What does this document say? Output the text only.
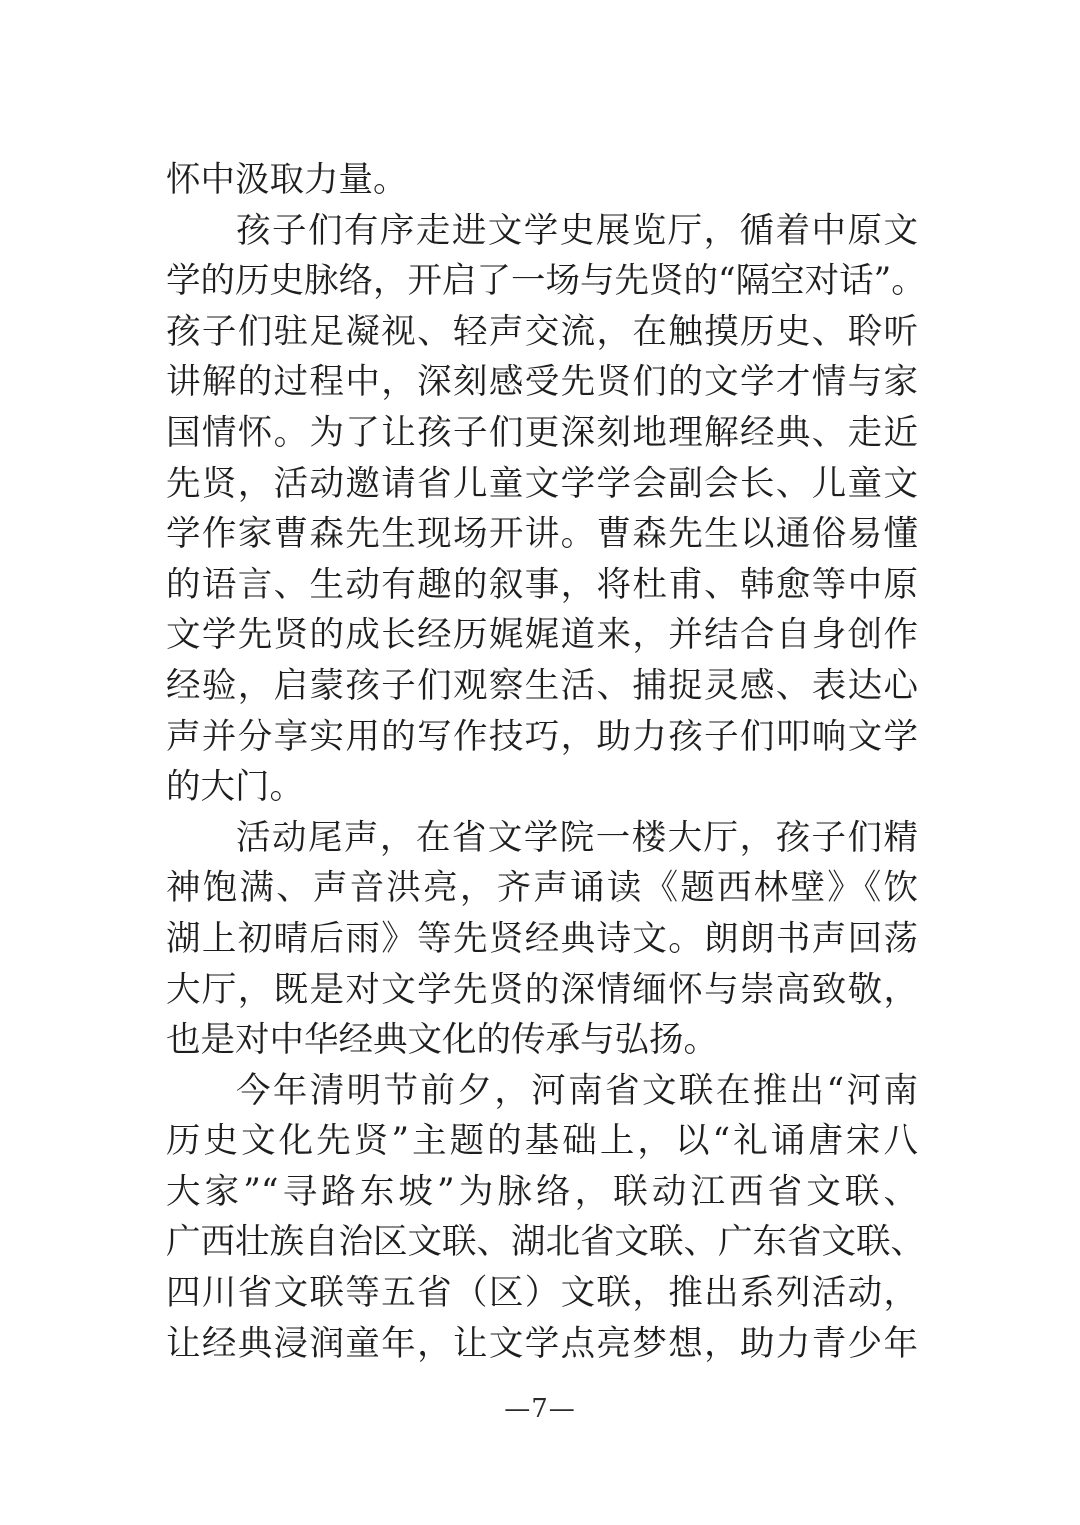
怀中汲取力量。
孩子们有序走进文学史展览厅，循着中原文
学的历史脉络，开启了一场与先贤的“隔空对话”。
孩子们驻足凝视、轻声交流，在触摸历史、聆听
讲解的过程中，深刻感受先贤们的文学才情与家
国情怀。为了让孩子们更深刻地理解经典、走近
先贤，活动邀请省儿童文学学会副会长、儿童文
学作家曹森先生现场开讲。曹森先生以通俗易懂
的语言、生动有趣的叙事，将杜甫、韩愈等中原
文学先贤的成长经历娓娓道来，并结合自身创作
经验，启蒙孩子们观察生活、捕捉灵感、表达心
声并分享实用的写作技巧，助力孩子们叩响文学
的大门。
活动尾声，在省文学院一楼大厅，孩子们精
神饱满、声音洪亮，齐声诵读《题西林壁》《饮
湖上初晴后雨》等先贤经典诗文。朗朗书声回荡
大厅，既是对文学先贤的深情缅怀与崇高致敬，
也是对中华经典文化的传承与弘扬。
今年清明节前夕，河南省文联在推出“河南
历史文化先贤”主题的基础上，以“礼诵唐宋八
大家”“寻路东坡”为脉络，联动江西省文联、
广西壮族自治区文联、湖北省文联、广东省文联、
四川省文联等五省（区）文联，推出系列活动，
让经典浸润童年，让文学点亮梦想，助力青少年
—7—
